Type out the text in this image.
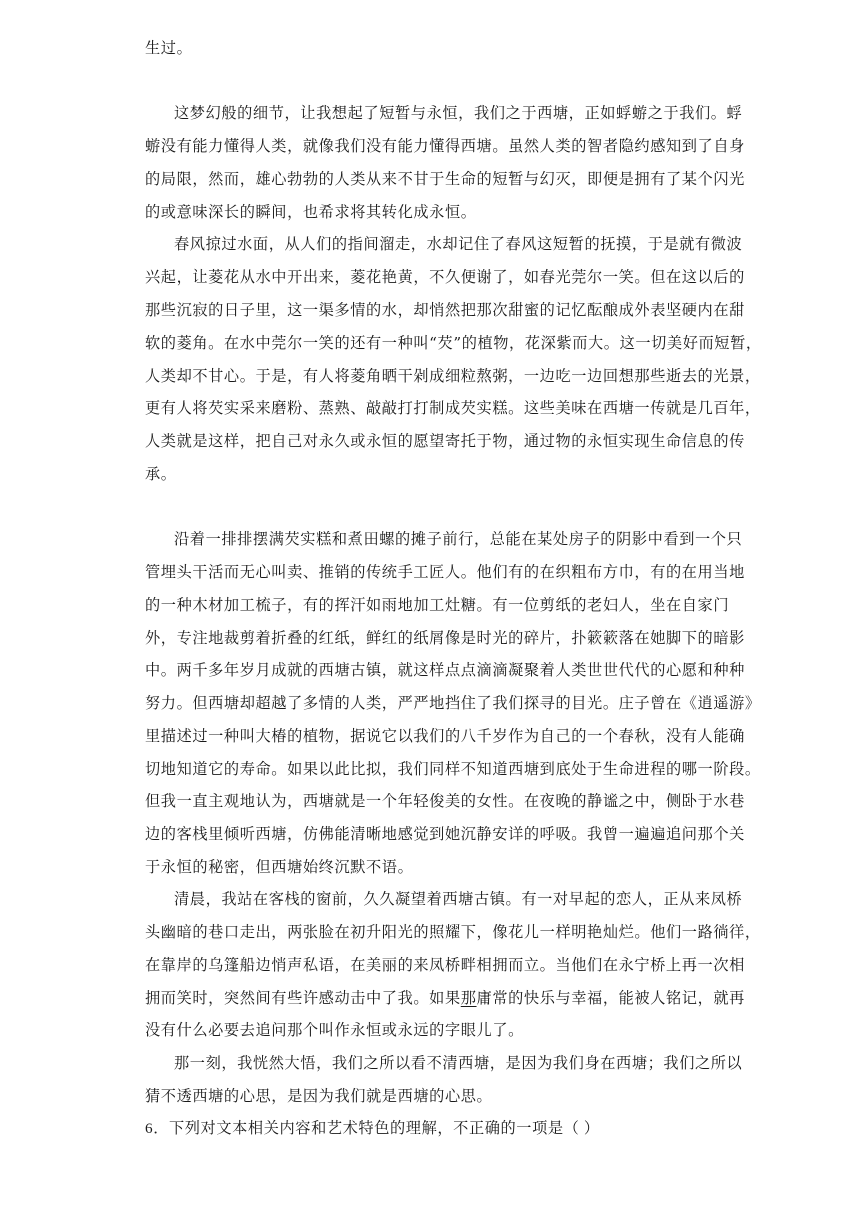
生过。
这梦幻般的细节，让我想起了短暂与永恒，我们之于西塘，正如蜉蝣之于我们。蜉
蝣没有能力懂得人类，就像我们没有能力懂得西塘。虽然人类的智者隐约感知到了自身
的局限，然而，雄心勃勃的人类从来不甘于生命的短暂与幻灭，即便是拥有了某个闪光
的或意味深长的瞬间，也希求将其转化成永恒。
春风掠过水面，从人们的指间溜走，水却记住了春风这短暂的抚摸，于是就有微波
兴起，让菱花从水中开出来，菱花艳黄，不久便谢了，如春光莞尔一笑。但在这以后的
那些沉寂的日子里，这一渠多情的水，却悄然把那次甜蜜的记忆酝酿成外表坚硬内在甜
软的菱角。在水中莞尔一笑的还有一种叫“芡”的植物，花深紫而大。这一切美好而短暂，
人类却不甘心。于是，有人将菱角晒干剁成细粒熬粥，一边吃一边回想那些逝去的光景，
更有人将芡实采来磨粉、蒸熟、敲敲打打制成芡实糕。这些美味在西塘一传就是几百年，
人类就是这样，把自己对永久或永恒的愿望寄托于物，通过物的永恒实现生命信息的传
承。
沿着一排排摆满芡实糕和煮田螺的摊子前行，总能在某处房子的阴影中看到一个只
管埋头干活而无心叫卖、推销的传统手工匠人。他们有的在织粗布方巾，有的在用当地
的一种木材加工梳子，有的挥汗如雨地加工灶糖。有一位剪纸的老妇人，坐在自家门
外，专注地裁剪着折叠的红纸，鲜红的纸屑像是时光的碎片，扑簌簌落在她脚下的暗影
中。两千多年岁月成就的西塘古镇，就这样点点滴滴凝聚着人类世世代代的心愿和种种
努力。但西塘却超越了多情的人类，严严地挡住了我们探寻的目光。庄子曾在《逍遥游》
里描述过一种叫大椿的植物，据说它以我们的八千岁作为自己的一个春秋，没有人能确
切地知道它的寿命。如果以此比拟，我们同样不知道西塘到底处于生命进程的哪一阶段。
但我一直主观地认为，西塘就是一个年轻俊美的女性。在夜晚的静谧之中，侧卧于水巷
边的客栈里倾听西塘，仿佛能清晰地感觉到她沉静安详的呼吸。我曾一遍遍追问那个关
于永恒的秘密，但西塘始终沉默不语。
清晨，我站在客栈的窗前，久久凝望着西塘古镇。有一对早起的恋人，正从来凤桥
头幽暗的巷口走出，两张脸在初升阳光的照耀下，像花儿一样明艳灿烂。他们一路徜徉，
在靠岸的乌篷船边悄声私语，在美丽的来凤桥畔相拥而立。当他们在永宁桥上再一次相
拥而笑时，突然间有些许感动击中了我。如果那庸常的快乐与幸福，能被人铭记，就再
没有什么必要去追问那个叫作永恒或永远的字眼儿了。
那一刻，我恍然大悟，我们之所以看不清西塘，是因为我们身在西塘；我们之所以
猜不透西塘的心思，是因为我们就是西塘的心思。
6．下列对文本相关内容和艺术特色的理解，不正确的一项是（ ）
